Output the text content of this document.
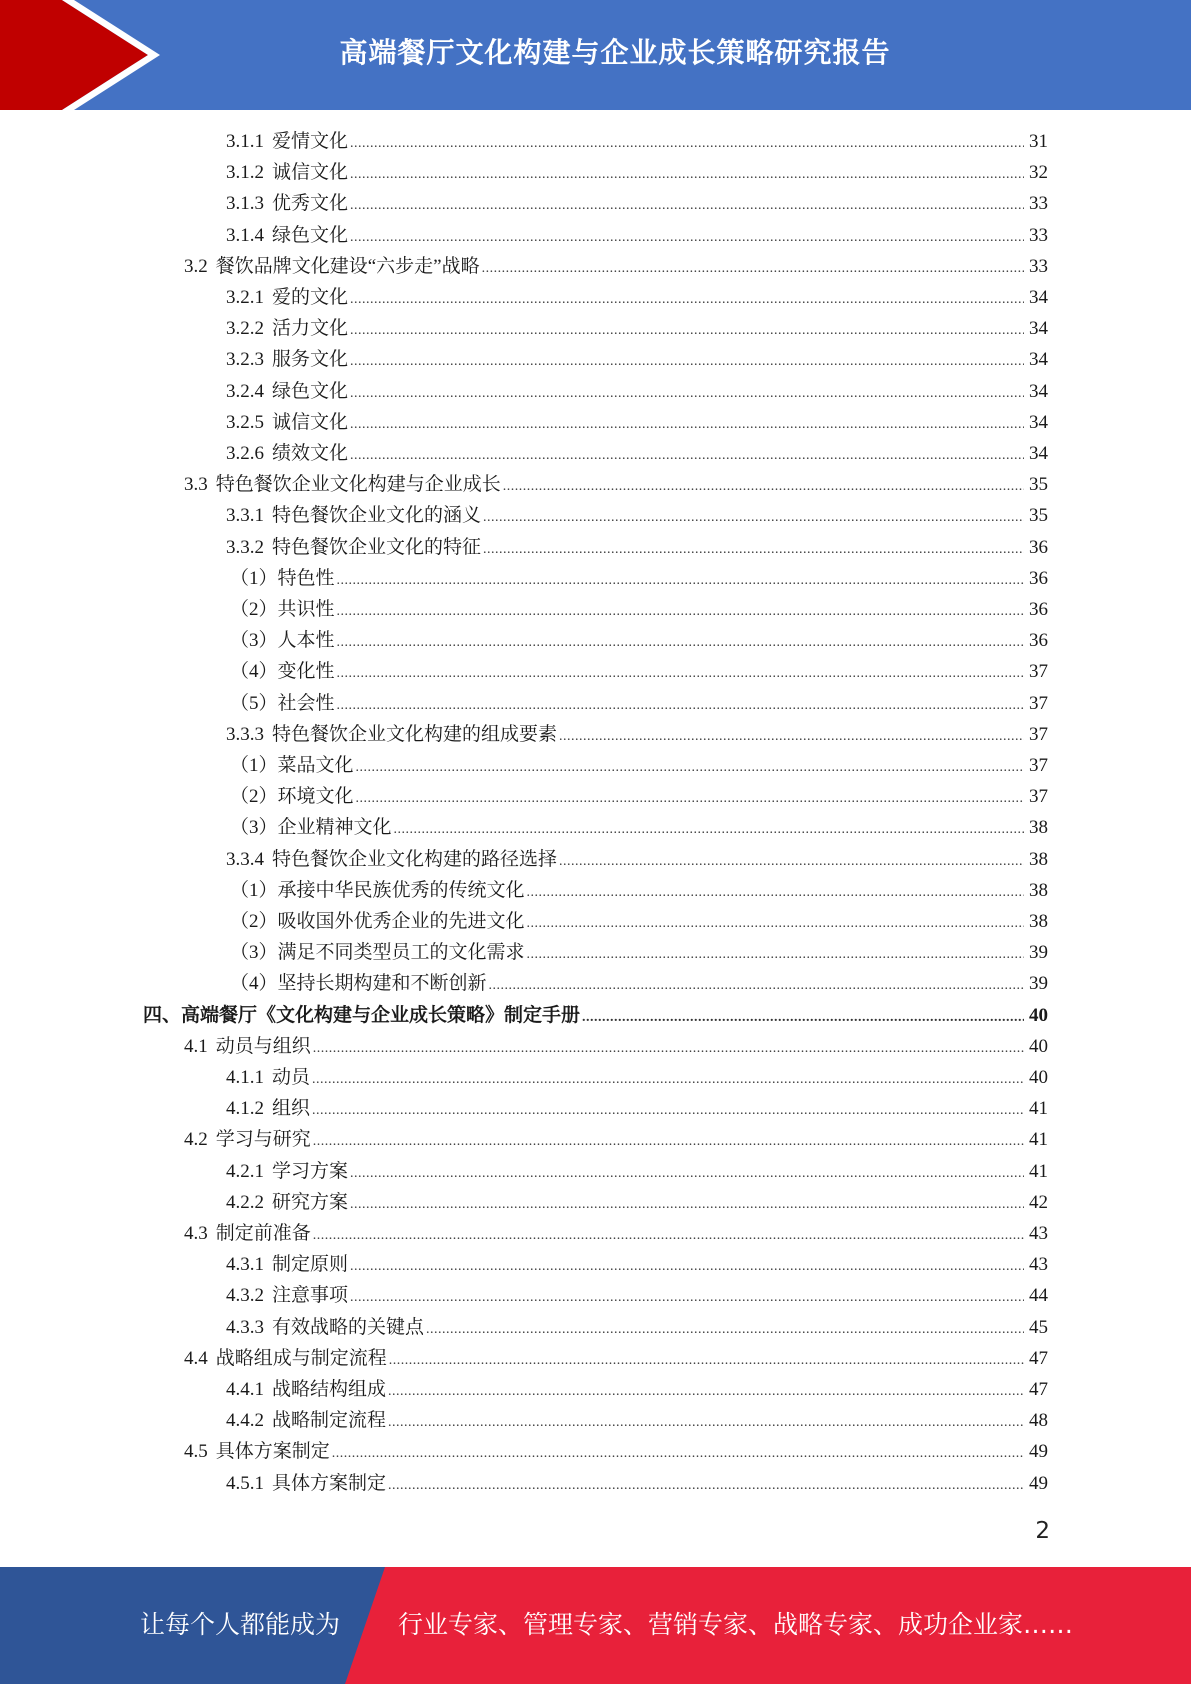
高端餐厅文化构建与企业成长策略研究报告
3.1.1 爱情文化 .....	31
3.1.2 诚信文化 .....	32
3.1.3 优秀文化 .....	33
3.1.4 绿色文化 .....	33
3.2 餐饮品牌文化建设“六步走”战略 .....	33
3.2.1 爱的文化 .....	34
3.2.2 活力文化 .....	34
3.2.3 服务文化 .....	34
3.2.4 绿色文化 .....	34
3.2.5 诚信文化 .....	34
3.2.6 绩效文化 .....	34
3.3 特色餐饮企业文化构建与企业成长 .....	35
3.3.1 特色餐饮企业文化的涵义 .....	35
3.3.2 特色餐饮企业文化的特征 .....	36
（1）特色性 .....	36
（2）共识性 .....	36
（3）人本性 .....	36
（4）变化性 .....	37
（5）社会性 .....	37
3.3.3 特色餐饮企业文化构建的组成要素 .....	37
（1）菜品文化 .....	37
（2）环境文化 .....	37
（3）企业精神文化 .....	38
3.3.4 特色餐饮企业文化构建的路径选择 .....	38
（1）承接中华民族优秀的传统文化 .....	38
（2）吸收国外优秀企业的先进文化 .....	38
（3）满足不同类型员工的文化需求 .....	39
（4）坚持长期构建和不断创新 .....	39
四、高端餐厅《文化构建与企业成长策略》制定手册 .....	40
4.1 动员与组织 .....	40
4.1.1 动员 .....	40
4.1.2 组织 .....	41
4.2 学习与研究 .....	41
4.2.1 学习方案 .....	41
4.2.2 研究方案 .....	42
4.3 制定前准备 .....	43
4.3.1 制定原则 .....	43
4.3.2 注意事项 .....	44
4.3.3 有效战略的关键点 .....	45
4.4 战略组成与制定流程 .....	47
4.4.1 战略结构组成 .....	47
4.4.2 战略制定流程 .....	48
4.5 具体方案制定 .....	49
4.5.1 具体方案制定 .....	49
2
让每个人都能成为	行业专家、管理专家、营销专家、战略专家、成功企业家……
